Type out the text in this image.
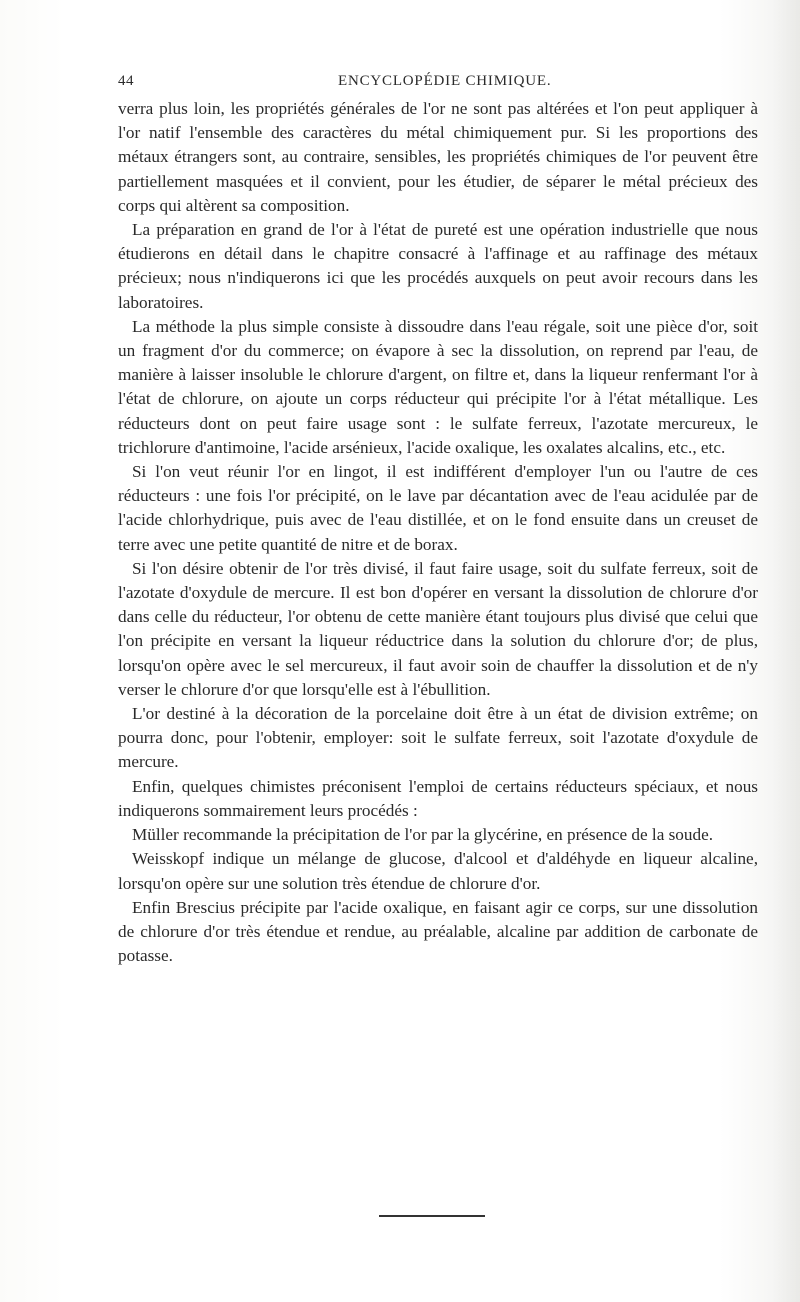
44	ENCYCLOPÉDIE CHIMIQUE.

verra plus loin, les propriétés générales de l'or ne sont pas altérées et l'on peut appliquer à l'or natif l'ensemble des caractères du métal chimiquement pur. Si les proportions des métaux étrangers sont, au contraire, sensibles, les propriétés chimiques de l'or peuvent être partiellement masquées et il convient, pour les étudier, de séparer le métal précieux des corps qui altèrent sa composition.

La préparation en grand de l'or à l'état de pureté est une opération industrielle que nous étudierons en détail dans le chapitre consacré à l'affinage et au raffinage des métaux précieux; nous n'indiquerons ici que les procédés auxquels on peut avoir recours dans les laboratoires.

La méthode la plus simple consiste à dissoudre dans l'eau régale, soit une pièce d'or, soit un fragment d'or du commerce; on évapore à sec la dissolution, on reprend par l'eau, de manière à laisser insoluble le chlorure d'argent, on filtre et, dans la liqueur renfermant l'or à l'état de chlorure, on ajoute un corps réducteur qui précipite l'or à l'état métallique. Les réducteurs dont on peut faire usage sont : le sulfate ferreux, l'azotate mercureux, le trichlorure d'antimoine, l'acide arsénieux, l'acide oxalique, les oxalates alcalins, etc., etc.

Si l'on veut réunir l'or en lingot, il est indifférent d'employer l'un ou l'autre de ces réducteurs : une fois l'or précipité, on le lave par décantation avec de l'eau acidulée par de l'acide chlorhydrique, puis avec de l'eau distillée, et on le fond ensuite dans un creuset de terre avec une petite quantité de nitre et de borax.

Si l'on désire obtenir de l'or très divisé, il faut faire usage, soit du sulfate ferreux, soit de l'azotate d'oxydule de mercure. Il est bon d'opérer en versant la dissolution de chlorure d'or dans celle du réducteur, l'or obtenu de cette manière étant toujours plus divisé que celui que l'on précipite en versant la liqueur réductrice dans la solution du chlorure d'or; de plus, lorsqu'on opère avec le sel mercureux, il faut avoir soin de chauffer la dissolution et de n'y verser le chlorure d'or que lorsqu'elle est à l'ébullition.

L'or destiné à la décoration de la porcelaine doit être à un état de division extrême; on pourra donc, pour l'obtenir, employer: soit le sulfate ferreux, soit l'azotate d'oxydule de mercure.

Enfin, quelques chimistes préconisent l'emploi de certains réducteurs spéciaux, et nous indiquerons sommairement leurs procédés :

Müller recommande la précipitation de l'or par la glycérine, en présence de la soude.

Weisskopf indique un mélange de glucose, d'alcool et d'aldéhyde en liqueur alcaline, lorsqu'on opère sur une solution très étendue de chlorure d'or.

Enfin Brescius précipite par l'acide oxalique, en faisant agir ce corps, sur une dissolution de chlorure d'or très étendue et rendue, au préalable, alcaline par addition de carbonate de potasse.
